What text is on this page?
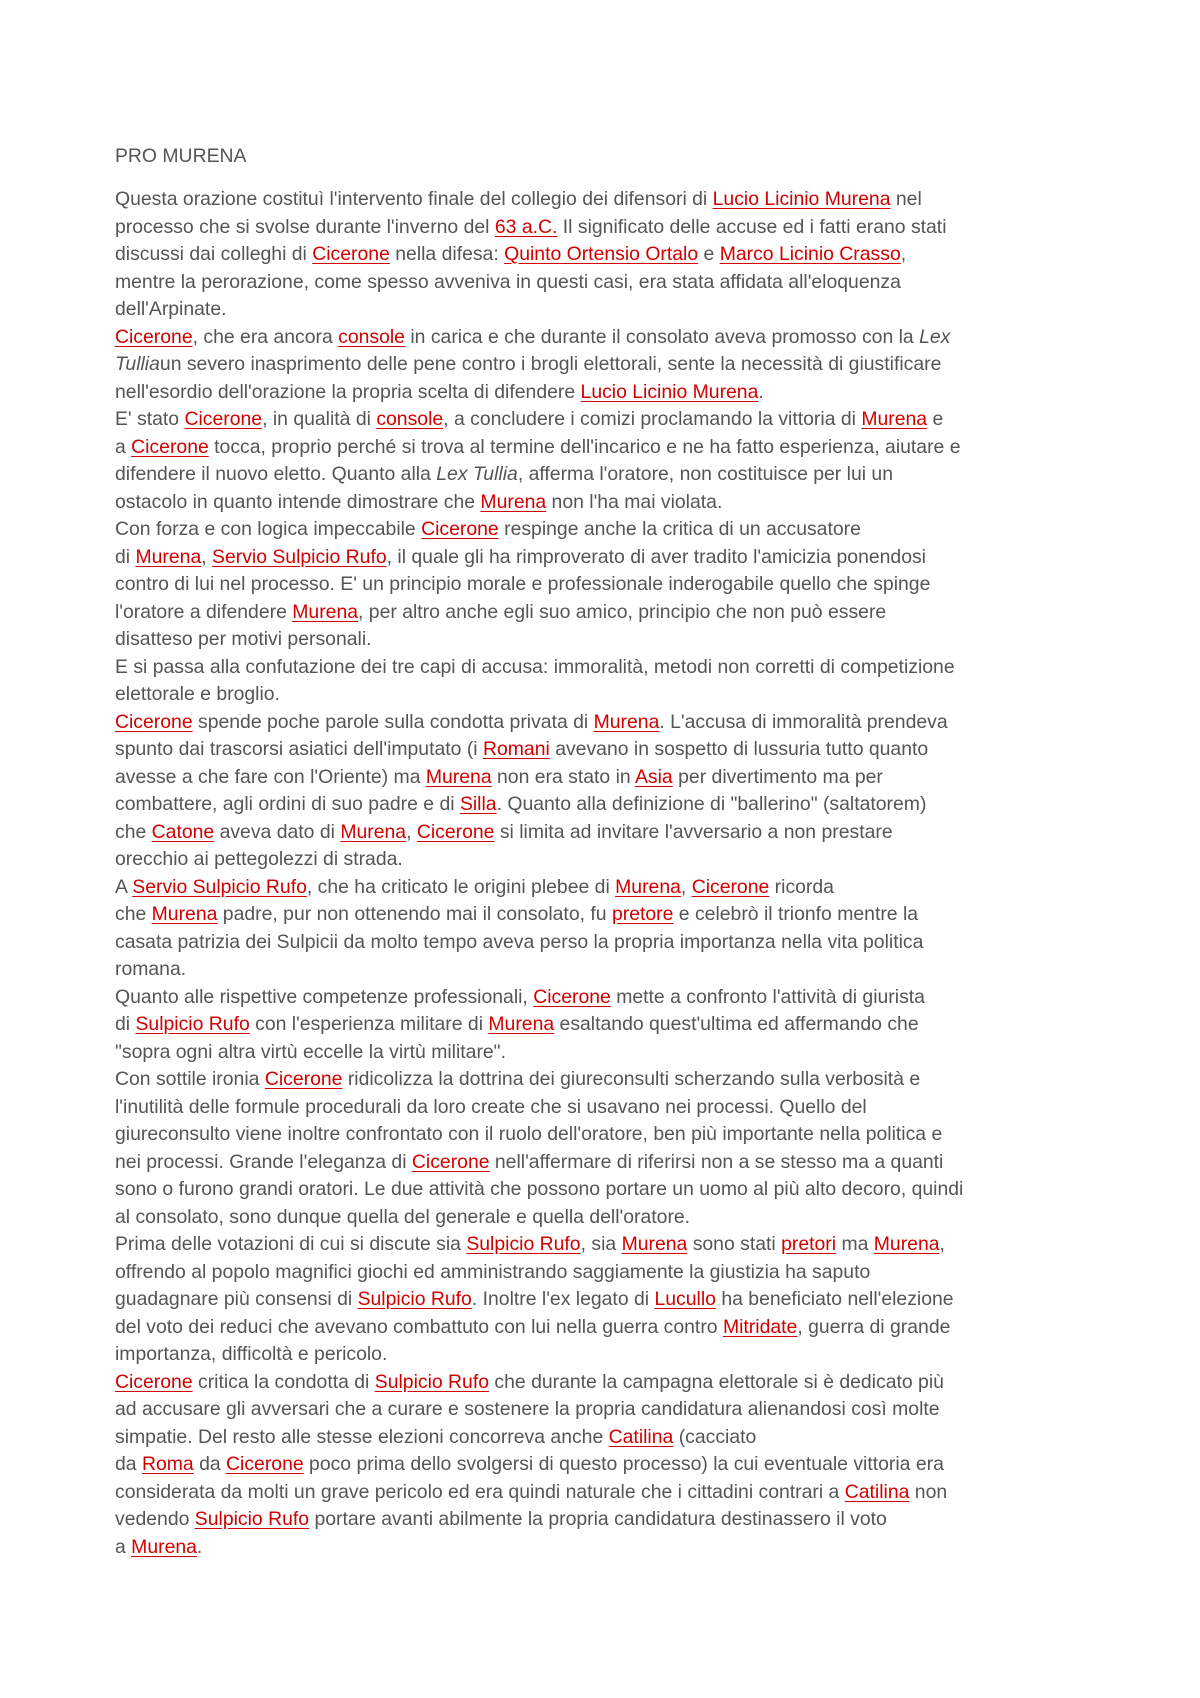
PRO MURENA
Questa orazione costituì l'intervento finale del collegio dei difensori di Lucio Licinio Murena nel
processo che si svolse durante l'inverno del 63 a.C. Il significato delle accuse ed i fatti erano stati
discussi dai colleghi di Cicerone nella difesa: Quinto Ortensio Ortalo e Marco Licinio Crasso,
mentre la perorazione, come spesso avveniva in questi casi, era stata affidata all'eloquenza
dell'Arpinate.
Cicerone, che era ancora console in carica e che durante il consolato aveva promosso con la Lex
Tulliaun severo inasprimento delle pene contro i brogli elettorali, sente la necessità di giustificare
nell'esordio dell'orazione la propria scelta di difendere Lucio Licinio Murena.
E' stato Cicerone, in qualità di console, a concludere i comizi proclamando la vittoria di Murena e
a Cicerone tocca, proprio perché si trova al termine dell'incarico e ne ha fatto esperienza, aiutare e
difendere il nuovo eletto. Quanto alla Lex Tullia, afferma l'oratore, non costituisce per lui un
ostacolo in quanto intende dimostrare che Murena non l'ha mai violata.
Con forza e con logica impeccabile Cicerone respinge anche la critica di un accusatore
di Murena, Servio Sulpicio Rufo, il quale gli ha rimproverato di aver tradito l'amicizia ponendosi
contro di lui nel processo. E' un principio morale e professionale inderogabile quello che spinge
l'oratore a difendere Murena, per altro anche egli suo amico, principio che non può essere
disatteso per motivi personali.
E si passa alla confutazione dei tre capi di accusa: immoralità, metodi non corretti di competizione
elettorale e broglio.
Cicerone spende poche parole sulla condotta privata di Murena. L'accusa di immoralità prendeva
spunto dai trascorsi asiatici dell'imputato (i Romani avevano in sospetto di lussuria tutto quanto
avesse a che fare con l'Oriente) ma Murena non era stato in Asia per divertimento ma per
combattere, agli ordini di suo padre e di Silla. Quanto alla definizione di "ballerino" (saltatorem)
che Catone aveva dato di Murena, Cicerone si limita ad invitare l'avversario a non prestare
orecchio ai pettegolezzi di strada.
A Servio Sulpicio Rufo, che ha criticato le origini plebee di Murena, Cicerone ricorda
che Murena padre, pur non ottenendo mai il consolato, fu pretore e celebrò il trionfo mentre la
casata patrizia dei Sulpicii da molto tempo aveva perso la propria importanza nella vita politica
romana.
Quanto alle rispettive competenze professionali, Cicerone mette a confronto l'attività di giurista
di Sulpicio Rufo con l'esperienza militare di Murena esaltando quest'ultima ed affermando che
"sopra ogni altra virtù eccelle la virtù militare".
Con sottile ironia Cicerone ridicolizza la dottrina dei giureconsulti scherzando sulla verbosità e
l'inutilità delle formule procedurali da loro create che si usavano nei processi. Quello del
giureconsulto viene inoltre confrontato con il ruolo dell'oratore, ben più importante nella politica e
nei processi. Grande l'eleganza di Cicerone nell'affermare di riferirsi non a se stesso ma a quanti
sono o furono grandi oratori. Le due attività che possono portare un uomo al più alto decoro, quindi
al consolato, sono dunque quella del generale e quella dell'oratore.
Prima delle votazioni di cui si discute sia Sulpicio Rufo, sia Murena sono stati pretori ma Murena,
offrendo al popolo magnifici giochi ed amministrando saggiamente la giustizia ha saputo
guadagnare più consensi di Sulpicio Rufo. Inoltre l'ex legato di Lucullo ha beneficiato nell'elezione
del voto dei reduci che avevano combattuto con lui nella guerra contro Mitridate, guerra di grande
importanza, difficoltà e pericolo.
Cicerone critica la condotta di Sulpicio Rufo che durante la campagna elettorale si è dedicato più
ad accusare gli avversari che a curare e sostenere la propria candidatura alienandosi così molte
simpatie. Del resto alle stesse elezioni concorreva anche Catilina (cacciato
da Roma da Cicerone poco prima dello svolgersi di questo processo) la cui eventuale vittoria era
considerata da molti un grave pericolo ed era quindi naturale che i cittadini contrari a Catilina non
vedendo Sulpicio Rufo portare avanti abilmente la propria candidatura destinassero il voto
a Murena.
